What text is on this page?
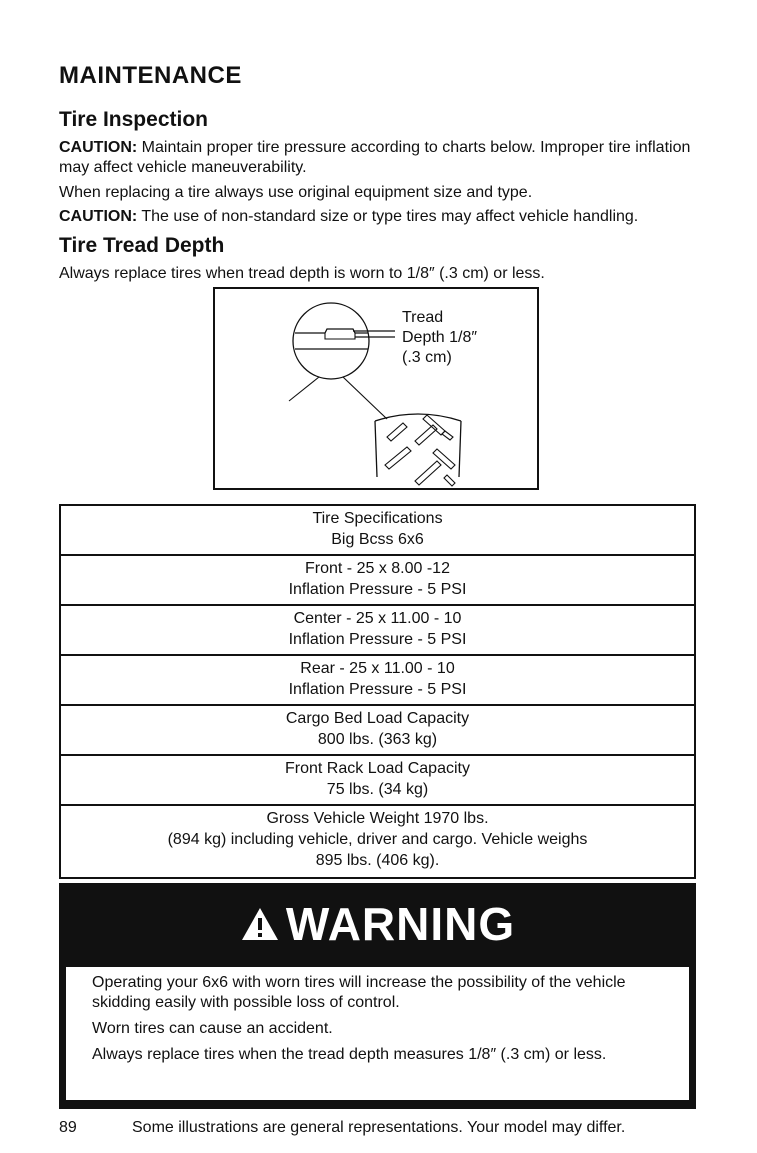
MAINTENANCE
Tire Inspection
CAUTION: Maintain proper tire pressure according to charts below. Improper tire inflation may affect vehicle maneuverability.
When replacing a tire always use original equipment size and type.
CAUTION: The use of non-standard size or type tires may affect vehicle handling.
Tire Tread Depth
Always replace tires when tread depth is worn to 1/8″ (.3 cm) or less.
Tread
Depth 1/8″
(.3 cm)
Tire Specifications
Big Bcss 6x6
Front - 25 x 8.00 -12
Inflation Pressure - 5 PSI
Center - 25 x 11.00 - 10
Inflation Pressure - 5 PSI
Rear - 25 x 11.00 - 10
Inflation Pressure - 5 PSI
Cargo Bed Load Capacity
800 lbs. (363 kg)
Front Rack Load Capacity
75 lbs. (34 kg)
Gross Vehicle Weight 1970 lbs.
(894 kg) including vehicle, driver and cargo. Vehicle weighs
895 lbs. (406 kg).
WARNING

Operating your 6x6 with worn tires will increase the possibility of the vehicle skidding easily with possible loss of control.

Worn tires can cause an accident.

Always replace tires when the tread depth measures 1/8″ (.3 cm) or less.

89	Some illustrations are general representations. Your model may differ.
